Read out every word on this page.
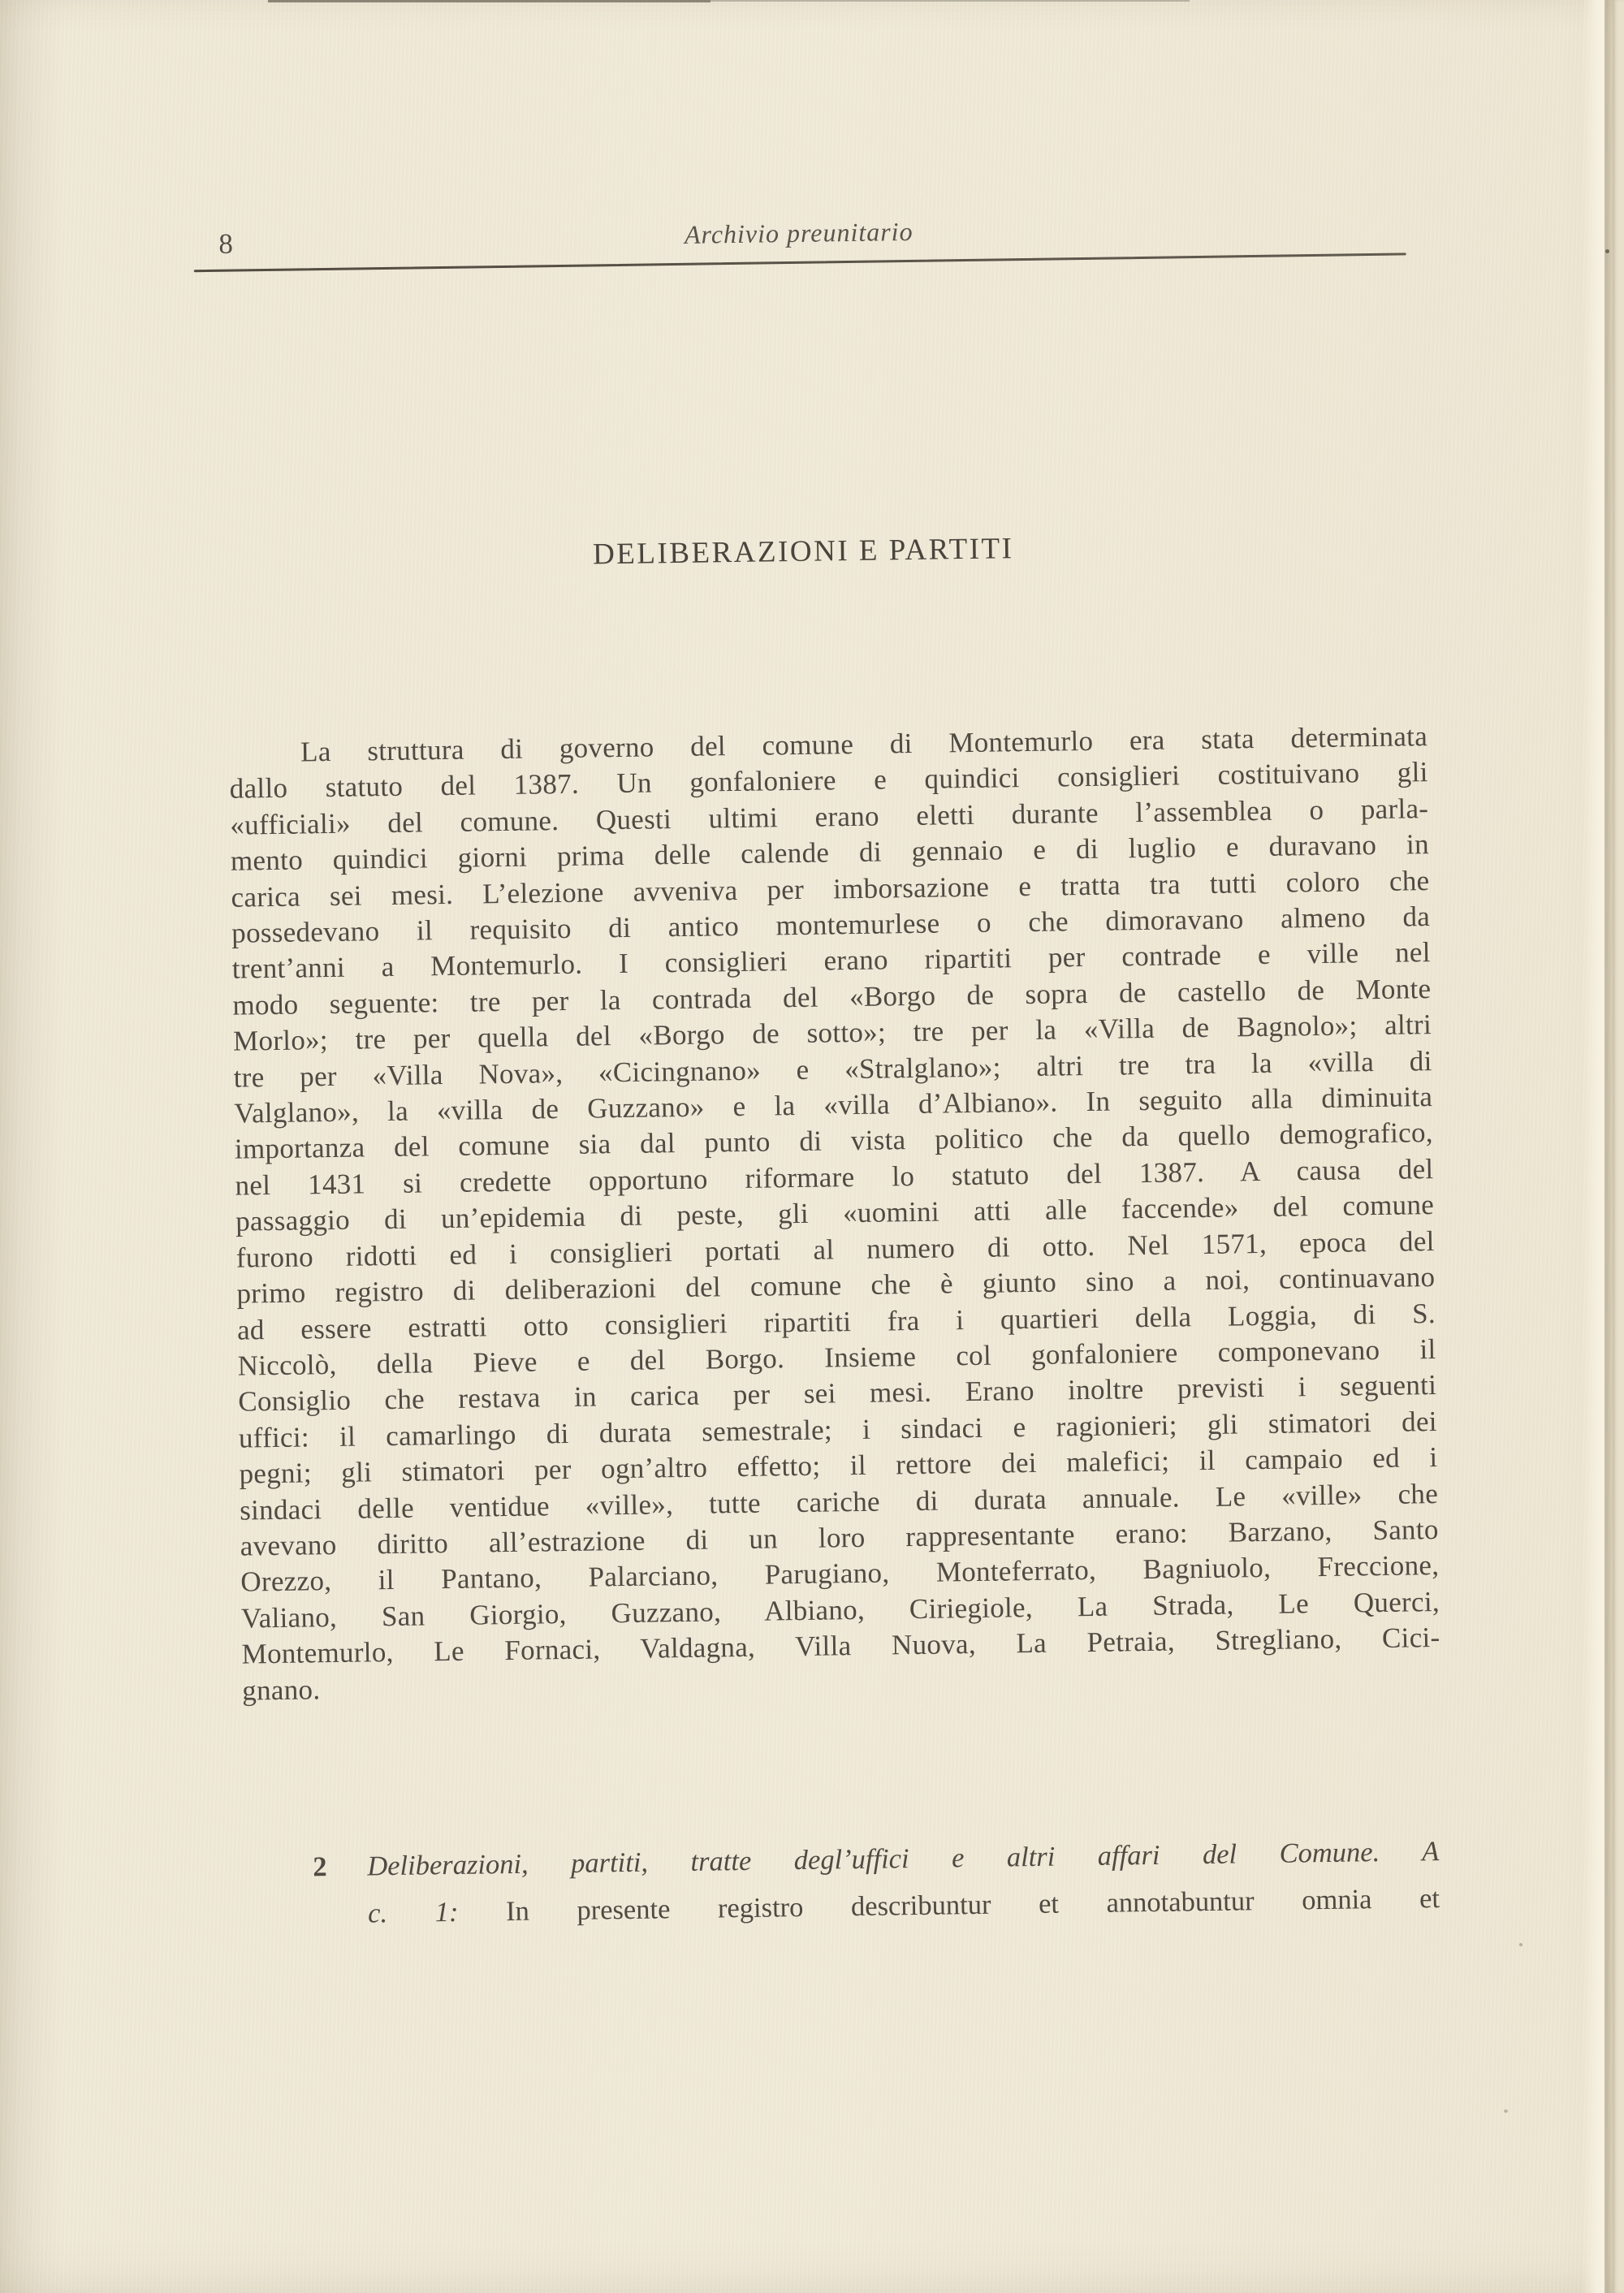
8	Archivio preunitario
DELIBERAZIONI E PARTITI
La struttura di governo del comune di Montemurlo era stata determinata
dallo statuto del 1387. Un gonfaloniere e quindici consiglieri costituivano gli
«ufficiali» del comune. Questi ultimi erano eletti durante l’assemblea o parla-
mento quindici giorni prima delle calende di gennaio e di luglio e duravano in
carica sei mesi. L’elezione avveniva per imborsazione e tratta tra tutti coloro che
possedevano il requisito di antico montemurlese o che dimoravano almeno da
trent’anni a Montemurlo. I consiglieri erano ripartiti per contrade e ville nel
modo seguente: tre per la contrada del «Borgo de sopra de castello de Monte
Morlo»; tre per quella del «Borgo de sotto»; tre per la «Villa de Bagnolo»; altri
tre per «Villa Nova», «Cicingnano» e «Stralglano»; altri tre tra la «villa di
Valglano», la «villa de Guzzano» e la «villa d’Albiano». In seguito alla diminuita
importanza del comune sia dal punto di vista politico che da quello demografico,
nel 1431 si credette opportuno riformare lo statuto del 1387. A causa del
passaggio di un’epidemia di peste, gli «uomini atti alle faccende» del comune
furono ridotti ed i consiglieri portati al numero di otto. Nel 1571, epoca del
primo registro di deliberazioni del comune che è giunto sino a noi, continuavano
ad essere estratti otto consiglieri ripartiti fra i quartieri della Loggia, di S.
Niccolò, della Pieve e del Borgo. Insieme col gonfaloniere componevano il
Consiglio che restava in carica per sei mesi. Erano inoltre previsti i seguenti
uffici: il camarlingo di durata semestrale; i sindaci e ragionieri; gli stimatori dei
pegni; gli stimatori per ogn’altro effetto; il rettore dei malefici; il campaio ed i
sindaci delle ventidue «ville», tutte cariche di durata annuale. Le «ville» che
avevano diritto all’estrazione di un loro rappresentante erano: Barzano, Santo
Orezzo, il Pantano, Palarciano, Parugiano, Monteferrato, Bagniuolo, Freccione,
Valiano, San Giorgio, Guzzano, Albiano, Ciriegiole, La Strada, Le Querci,
Montemurlo, Le Fornaci, Valdagna, Villa Nuova, La Petraia, Stregliano, Cici-
gnano.
2 Deliberazioni, partiti, tratte degl’uffici e altri affari del Comune. A
c. 1: In presente registro describuntur et annotabuntur omnia et
